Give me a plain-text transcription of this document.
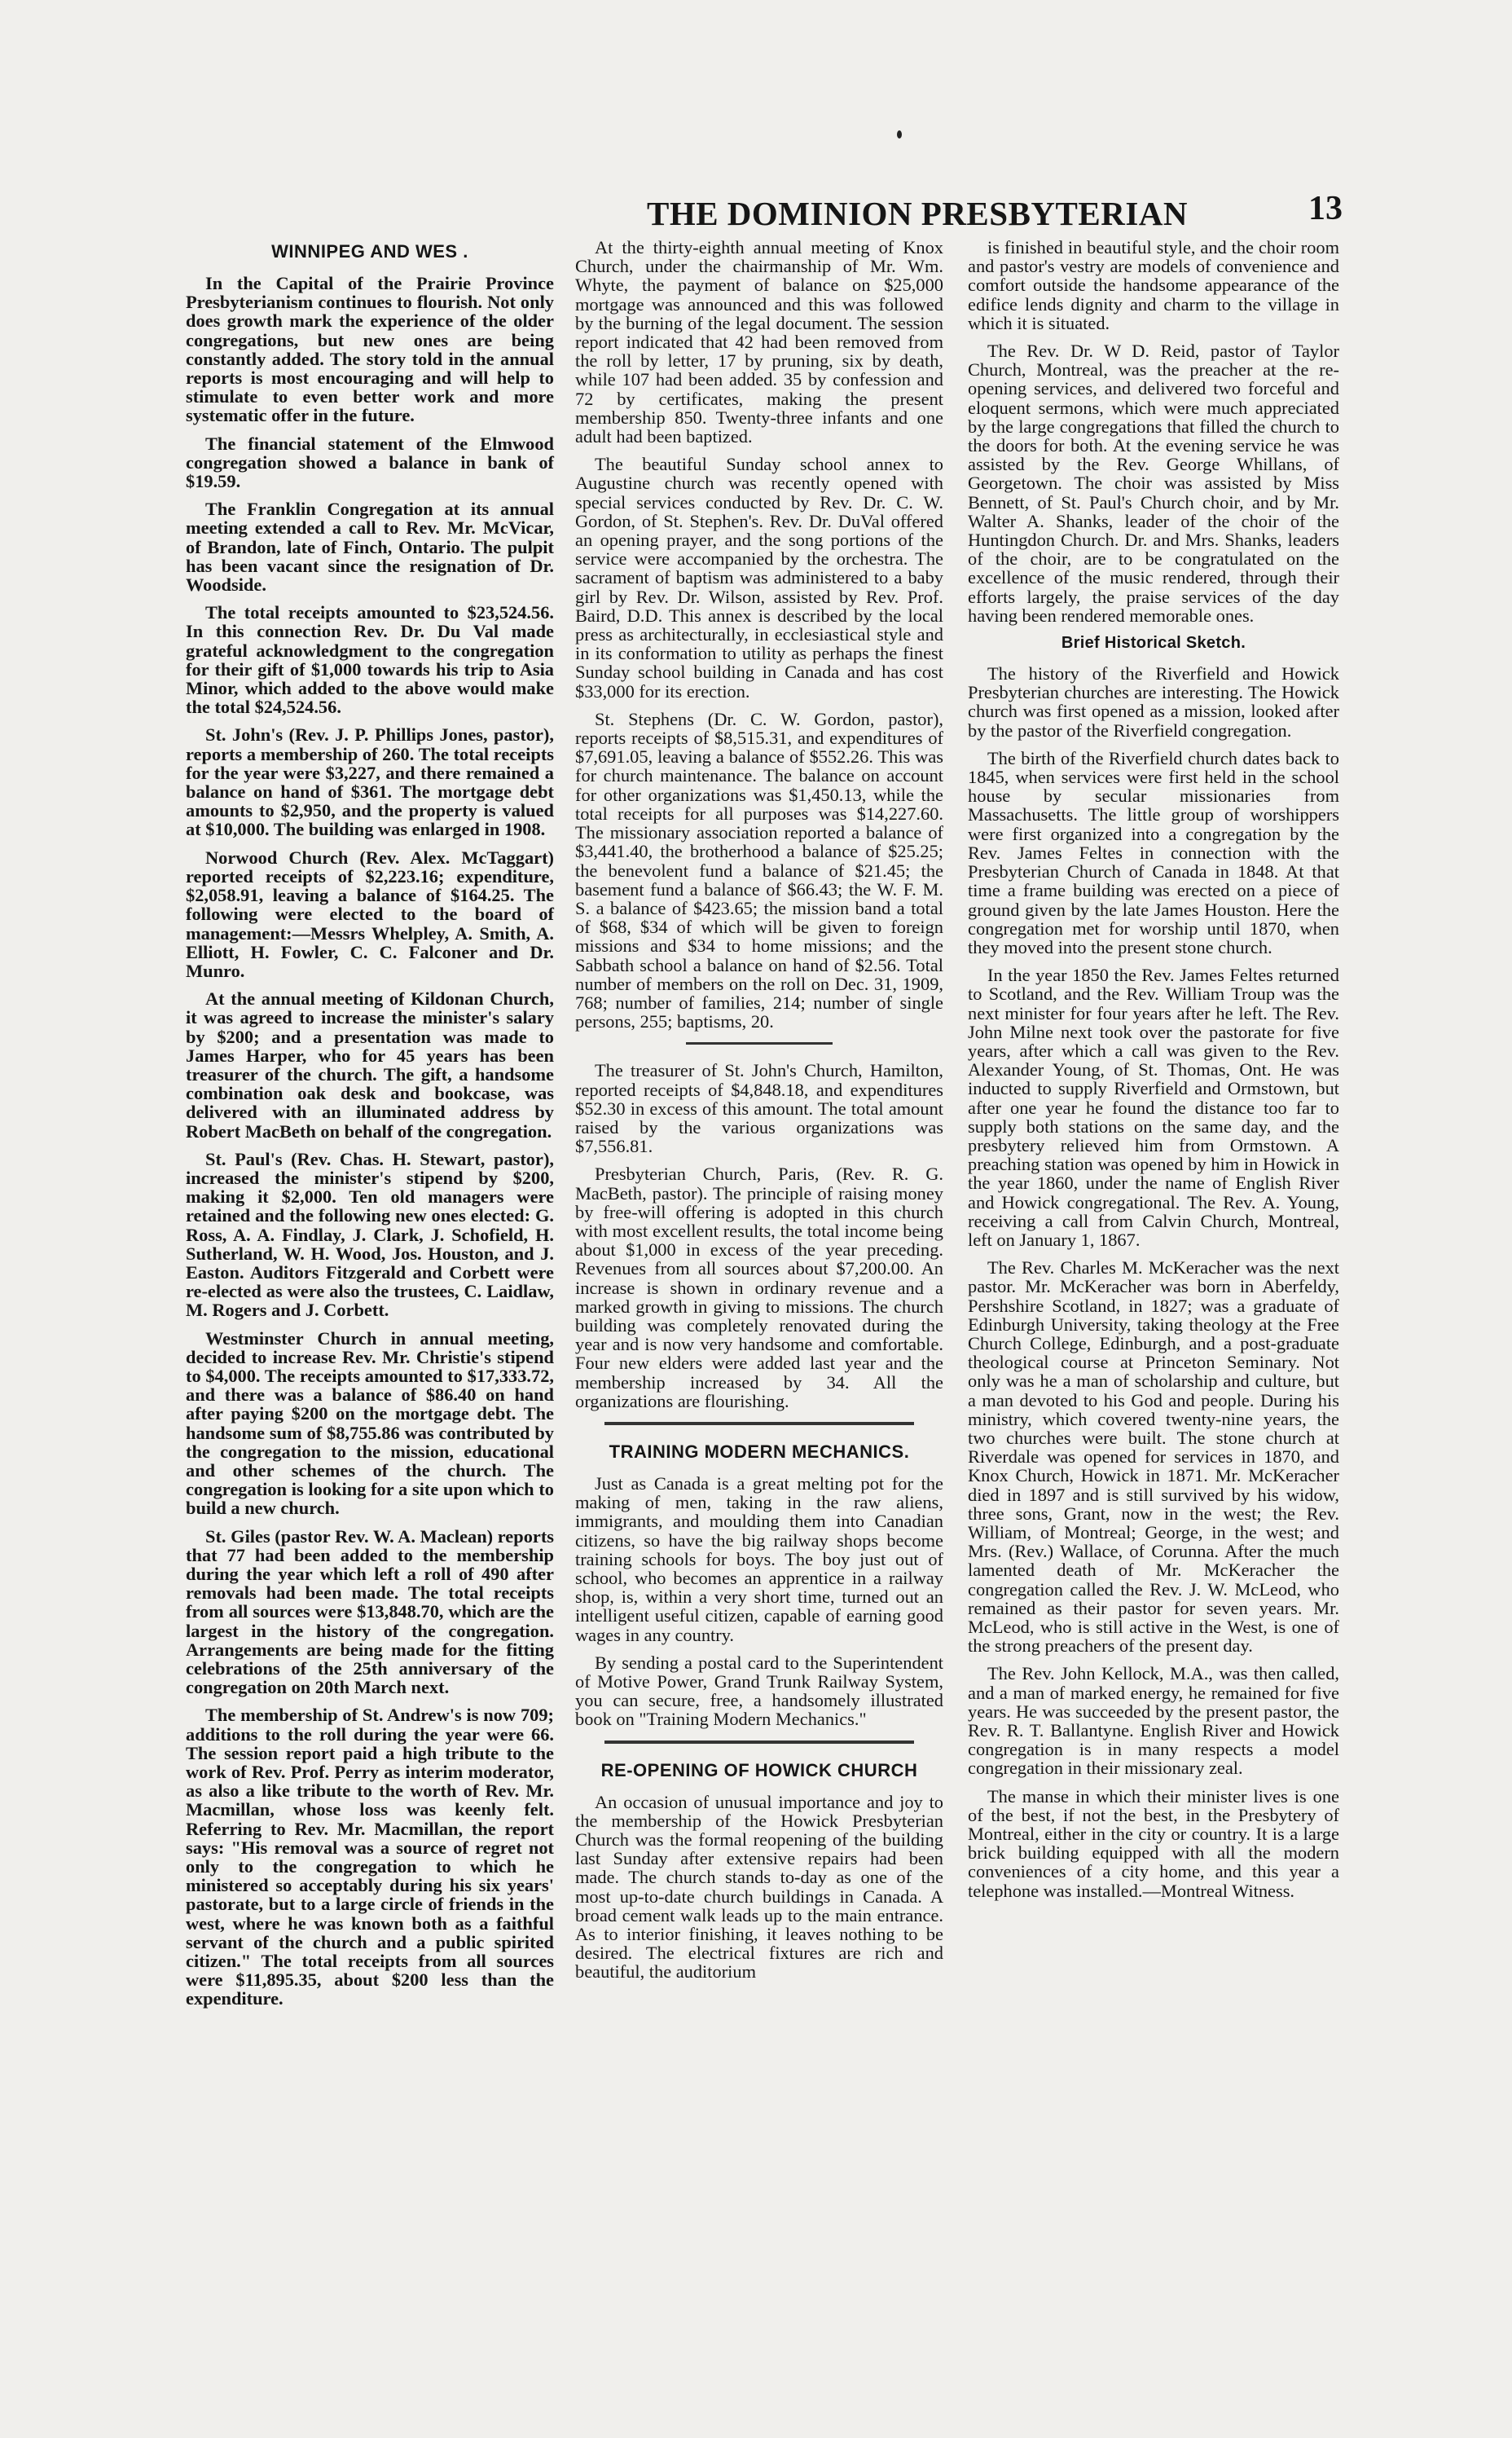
THE DOMINION PRESBYTERIAN	13
WINNIPEG AND WES .

In the Capital of the Prairie Province Presbyterianism continues to flourish. Not only does growth mark the experience of the older congregations, but new ones are being constantly added. The story told in the annual reports is most encouraging and will help to stimulate to even better work and more systematic offer in the future.

The financial statement of the Elmwood congregation showed a balance in bank of $19.59.

The Franklin Congregation at its annual meeting extended a call to Rev. Mr. McVicar, of Brandon, late of Finch, Ontario. The pulpit has been vacant since the resignation of Dr. Woodside.

The total receipts amounted to $23,524.56. In this connection Rev. Dr. Du Val made grateful acknowledgment to the congregation for their gift of $1,000 towards his trip to Asia Minor, which added to the above would make the total $24,524.56.

St. John's (Rev. J. P. Phillips Jones, pastor), reports a membership of 260. The total receipts for the year were $3,227, and there remained a balance on hand of $361. The mortgage debt amounts to $2,950, and the property is valued at $10,000. The building was enlarged in 1908.

Norwood Church (Rev. Alex. McTaggart) reported receipts of $2,223.16; expenditure, $2,058.91, leaving a balance of $164.25. The following were elected to the board of management:—Messrs Whelpley, A. Smith, A. Elliott, H. Fowler, C. C. Falconer and Dr. Munro.

At the annual meeting of Kildonan Church, it was agreed to increase the minister's salary by $200; and a presentation was made to James Harper, who for 45 years has been treasurer of the church. The gift, a handsome combination oak desk and bookcase, was delivered with an illuminated address by Robert MacBeth on behalf of the congregation.

St. Paul's (Rev. Chas. H. Stewart, pastor), increased the minister's stipend by $200, making it $2,000. Ten old managers were retained and the following new ones elected: G. Ross, A. A. Findlay, J. Clark, J. Schofield, H. Sutherland, W. H. Wood, Jos. Houston, and J. Easton. Auditors Fitzgerald and Corbett were re-elected as were also the trustees, C. Laidlaw, M. Rogers and J. Corbett.

Westminster Church in annual meeting, decided to increase Rev. Mr. Christie's stipend to $4,000. The receipts amounted to $17,333.72, and there was a balance of $86.40 on hand after paying $200 on the mortgage debt. The handsome sum of $8,755.86 was contributed by the congregation to the mission, educational and other schemes of the church. The congregation is looking for a site upon which to build a new church.

St. Giles (pastor Rev. W. A. Maclean) reports that 77 had been added to the membership during the year which left a roll of 490 after removals had been made. The total receipts from all sources were $13,848.70, which are the largest in the history of the congregation. Arrangements are being made for the fitting celebrations of the 25th anniversary of the congregation on 20th March next.

The membership of St. Andrew's is now 709; additions to the roll during the year were 66. The session report paid a high tribute to the work of Rev. Prof. Perry as interim moderator, as also a like tribute to the worth of Rev. Mr. Macmillan, whose loss was keenly felt. Referring to Rev. Mr. Macmillan, the report says: "His removal was a source of regret not only to the congregation to which he ministered so acceptably during his six years' pastorate, but to a large circle of friends in the west, where he was known both as a faithful servant of the church and a public spirited citizen." The total receipts from all sources were $11,895.35, about $200 less than the expenditure.

At the thirty-eighth annual meeting of Knox Church, under the chairmanship of Mr. Wm. Whyte, the payment of balance on $25,000 mortgage was announced and this was followed by the burning of the legal document. The session report indicated that 42 had been removed from the roll by letter, 17 by pruning, six by death, while 107 had been added. 35 by confession and 72 by certificates, making the present membership 850. Twenty-three infants and one adult had been baptized.

The beautiful Sunday school annex to Augustine church was recently opened with special services conducted by Rev. Dr. C. W. Gordon, of St. Stephen's. Rev. Dr. DuVal offered an opening prayer, and the song portions of the service were accompanied by the orchestra. The sacrament of baptism was administered to a baby girl by Rev. Dr. Wilson, assisted by Rev. Prof. Baird, D.D. This annex is described by the local press as architecturally, in ecclesiastical style and in its conformation to utility as perhaps the finest Sunday school building in Canada and has cost $33,000 for its erection.

St. Stephens (Dr. C. W. Gordon, pastor), reports receipts of $8,515.31, and expenditures of $7,691.05, leaving a balance of $552.26. This was for church maintenance. The balance on account for other organizations was $1,450.13, while the total receipts for all purposes was $14,227.60. The missionary association reported a balance of $3,441.40, the brotherhood a balance of $25.25; the benevolent fund a balance of $21.45; the basement fund a balance of $66.43; the W. F. M. S. a balance of $423.65; the mission band a total of $68, $34 of which will be given to foreign missions and $34 to home missions; and the Sabbath school a balance on hand of $2.56. Total number of members on the roll on Dec. 31, 1909, 768; number of families, 214; number of single persons, 255; baptisms, 20.

The treasurer of St. John's Church, Hamilton, reported receipts of $4,848.18, and expenditures $52.30 in excess of this amount. The total amount raised by the various organizations was $7,556.81.

Presbyterian Church, Paris, (Rev. R. G. MacBeth, pastor). The principle of raising money by free-will offering is adopted in this church with most excellent results, the total income being about $1,000 in excess of the year preceding. Revenues from all sources about $7,200.00. An increase is shown in ordinary revenue and a marked growth in giving to missions. The church building was completely renovated during the year and is now very handsome and comfortable. Four new elders were added last year and the membership increased by 34. All the organizations are flourishing.

TRAINING MODERN MECHANICS.

Just as Canada is a great melting pot for the making of men, taking in the raw aliens, immigrants, and moulding them into Canadian citizens, so have the big railway shops become training schools for boys. The boy just out of school, who becomes an apprentice in a railway shop, is, within a very short time, turned out an intelligent useful citizen, capable of earning good wages in any country.

By sending a postal card to the Superintendent of Motive Power, Grand Trunk Railway System, you can secure, free, a handsomely illustrated book on "Training Modern Mechanics."

RE-OPENING OF HOWICK CHURCH

An occasion of unusual importance and joy to the membership of the Howick Presbyterian Church was the formal reopening of the building last Sunday after extensive repairs had been made. The church stands to-day as one of the most up-to-date church buildings in Canada. A broad cement walk leads up to the main entrance. As to interior finishing, it leaves nothing to be desired. The electrical fixtures are rich and beautiful, the auditorium

is finished in beautiful style, and the choir room and pastor's vestry are models of convenience and comfort outside the handsome appearance of the edifice lends dignity and charm to the village in which it is situated.

The Rev. Dr. W D. Reid, pastor of Taylor Church, Montreal, was the preacher at the re-opening services, and delivered two forceful and eloquent sermons, which were much appreciated by the large congregations that filled the church to the doors for both. At the evening service he was assisted by the Rev. George Whillans, of Georgetown. The choir was assisted by Miss Bennett, of St. Paul's Church choir, and by Mr. Walter A. Shanks, leader of the choir of the Huntingdon Church. Dr. and Mrs. Shanks, leaders of the choir, are to be congratulated on the excellence of the music rendered, through their efforts largely, the praise services of the day having been rendered memorable ones.

Brief Historical Sketch.

The history of the Riverfield and Howick Presbyterian churches are interesting. The Howick church was first opened as a mission, looked after by the pastor of the Riverfield congregation.

The birth of the Riverfield church dates back to 1845, when services were first held in the school house by secular missionaries from Massachusetts. The little group of worshippers were first organized into a congregation by the Rev. James Feltes in connection with the Presbyterian Church of Canada in 1848. At that time a frame building was erected on a piece of ground given by the late James Houston. Here the congregation met for worship until 1870, when they moved into the present stone church.

In the year 1850 the Rev. James Feltes returned to Scotland, and the Rev. William Troup was the next minister for four years after he left. The Rev. John Milne next took over the pastorate for five years, after which a call was given to the Rev. Alexander Young, of St. Thomas, Ont. He was inducted to supply Riverfield and Ormstown, but after one year he found the distance too far to supply both stations on the same day, and the presbytery relieved him from Ormstown. A preaching station was opened by him in Howick in the year 1860, under the name of English River and Howick congregational. The Rev. A. Young, receiving a call from Calvin Church, Montreal, left on January 1, 1867.

The Rev. Charles M. McKeracher was the next pastor. Mr. McKeracher was born in Aberfeldy, Pershshire Scotland, in 1827; was a graduate of Edinburgh University, taking theology at the Free Church College, Edinburgh, and a post-graduate theological course at Princeton Seminary. Not only was he a man of scholarship and culture, but a man devoted to his God and people. During his ministry, which covered twenty-nine years, the two churches were built. The stone church at Riverdale was opened for services in 1870, and Knox Church, Howick in 1871. Mr. McKeracher died in 1897 and is still survived by his widow, three sons, Grant, now in the west; the Rev. William, of Montreal; George, in the west; and Mrs. (Rev.) Wallace, of Corunna. After the much lamented death of Mr. McKeracher the congregation called the Rev. J. W. McLeod, who remained as their pastor for seven years. Mr. McLeod, who is still active in the West, is one of the strong preachers of the present day.

The Rev. John Kellock, M.A., was then called, and a man of marked energy, he remained for five years. He was succeeded by the present pastor, the Rev. R. T. Ballantyne. English River and Howick congregation is in many respects a model congregation in their missionary zeal.

The manse in which their minister lives is one of the best, if not the best, in the Presbytery of Montreal, either in the city or country. It is a large brick building equipped with all the modern conveniences of a city home, and this year a telephone was installed.—Montreal Witness.
